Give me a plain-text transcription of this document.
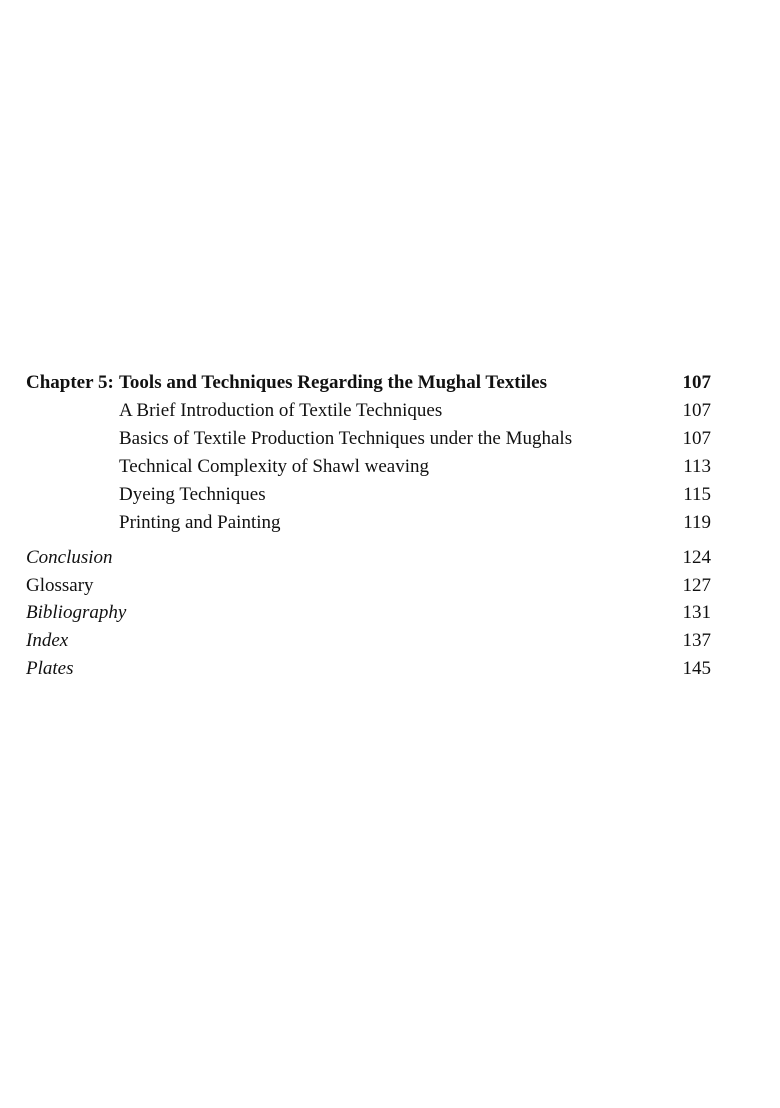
Chapter 5: Tools and Techniques Regarding the Mughal Textiles	107
A Brief Introduction of Textile Techniques	107
Basics of Textile Production Techniques under the Mughals	107
Technical Complexity of Shawl weaving	113
Dyeing Techniques	115
Printing and Painting	119
Conclusion	124
Glossary	127
Bibliography	131
Index	137
Plates	145
